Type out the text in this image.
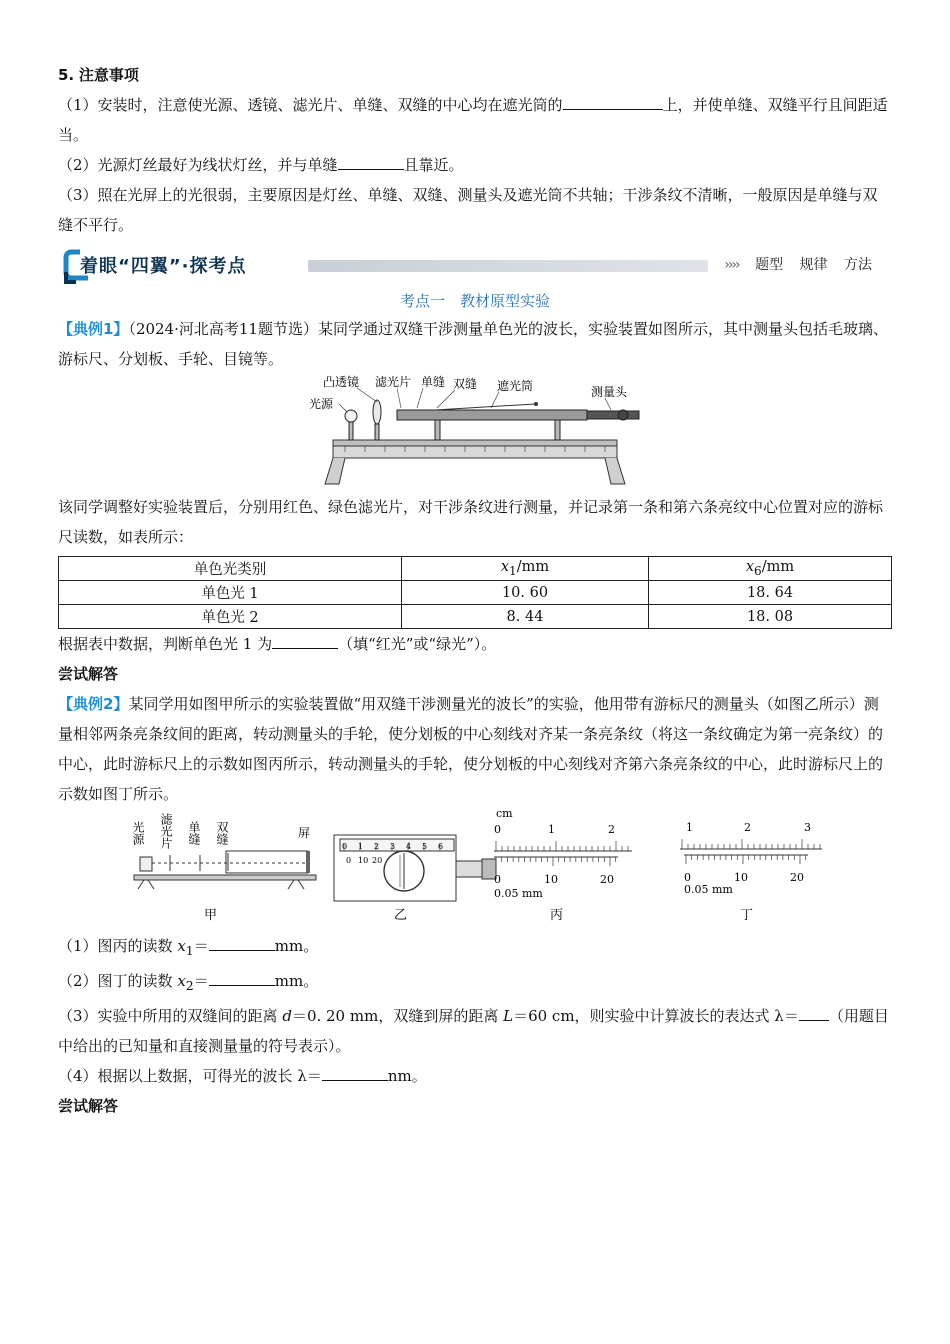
5. 注意事项

（1）安装时，注意使光源、透镜、滤光片、单缝、双缝的中心均在遮光筒的	上，并使单缝、双缝平行且间距适当。

（2）光源灯丝最好为线状灯丝，并与单缝	且靠近。

（3）照在光屏上的光很弱，主要原因是灯丝、单缝、双缝、测量头及遮光筒不共轴；干涉条纹不清晰，一般原因是单缝与双缝不平行。

着眼“四翼”·探考点	›››› 题型 规律 方法
考点一　教材原型实验

【典例1】（2024·河北高考11题节选）某同学通过双缝干涉测量单色光的波长，实验装置如图所示，其中测量头包括毛玻璃、游标尺、分划板、手轮、目镜等。

凸透镜 滤光片 单缝 双缝 遮光筒	测量头
光源

该同学调整好实验装置后，分别用红色、绿色滤光片，对干涉条纹进行测量，并记录第一条和第六条亮纹中心位置对应的游标尺读数，如表所示：

单色光类别	$x_1/mm$	$x_6/mm$
单色光 1	10. 60	18. 64
单色光 2	8. 44	18. 08

根据表中数据，判断单色光 1 为	（填“红光”或“绿光”）。

尝试解答

【典例2】某同学用如图甲所示的实验装置做“用双缝干涉测量光的波长”的实验，他用带有游标尺的测量头（如图乙所示）测量相邻两条亮条纹间的距离，转动测量头的手轮，使分划板的中心刻线对齐某一条亮条纹（将这一条纹确定为第一亮条纹）的中心，此时游标尺上的示数如图丙所示，转动测量头的手轮，使分划板的中心刻线对齐第六条亮条纹的中心，此时游标尺上的示数如图丁所示。

光源 滤光片 单缝 双缝	屏
甲
0 1 2 3 4 5 6
0 10 20
乙
cm
0	1	2
0	10	20
0.05 mm
丙
1	2	3
0	10	20
0.05 mm
丁

（1）图丙的读数 $x_1=$	mm。

（2）图丁的读数 $x_2=$	mm。

（3）实验中所用的双缝间的距离 d＝0. 20 mm，双缝到屏的距离 L＝60 cm，则实验中计算波长的表达式 λ＝ （用题目中给出的已知量和直接测量量的符号表示）。

（4）根据以上数据，可得光的波长 λ＝	nm。

尝试解答
